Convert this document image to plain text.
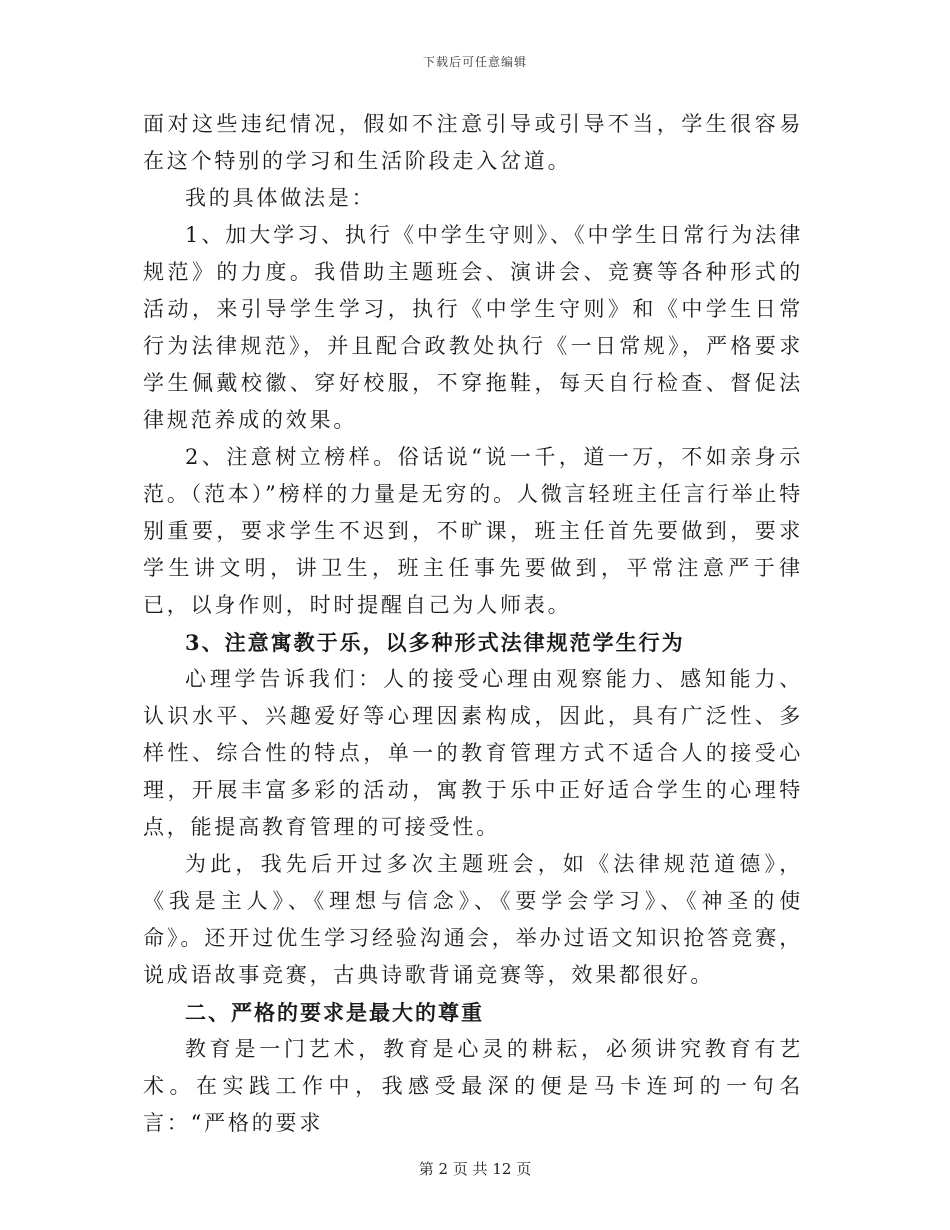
下载后可任意编辑

面对这些违纪情况，假如不注意引导或引导不当，学生很容易在这个特别的学习和生活阶段走入岔道。

我的具体做法是：

1、加大学习、执行《中学生守则》、《中学生日常行为法律规范》的力度。我借助主题班会、演讲会、竞赛等各种形式的活动，来引导学生学习，执行《中学生守则》和《中学生日常行为法律规范》，并且配合政教处执行《一日常规》，严格要求学生佩戴校徽、穿好校服，不穿拖鞋，每天自行检查、督促法律规范养成的效果。

2、注意树立榜样。俗话说“说一千，道一万，不如亲身示范。（范本）”榜样的力量是无穷的。人微言轻班主任言行举止特别重要，要求学生不迟到，不旷课，班主任首先要做到，要求学生讲文明，讲卫生，班主任事先要做到，平常注意严于律已，以身作则，时时提醒自己为人师表。

3、注意寓教于乐，以多种形式法律规范学生行为

心理学告诉我们：人的接受心理由观察能力、感知能力、认识水平、兴趣爱好等心理因素构成，因此，具有广泛性、多样性、综合性的特点，单一的教育管理方式不适合人的接受心理，开展丰富多彩的活动，寓教于乐中正好适合学生的心理特点，能提高教育管理的可接受性。

为此，我先后开过多次主题班会，如《法律规范道德》，《我是主人》、《理想与信念》、《要学会学习》、《神圣的使命》。还开过优生学习经验沟通会，举办过语文知识抢答竞赛，说成语故事竞赛，古典诗歌背诵竞赛等，效果都很好。

二、严格的要求是最大的尊重

教育是一门艺术，教育是心灵的耕耘，必须讲究教育有艺术。在实践工作中，我感受最深的便是马卡连珂的一句名言：“严格的要求

第 2 页 共 12 页
